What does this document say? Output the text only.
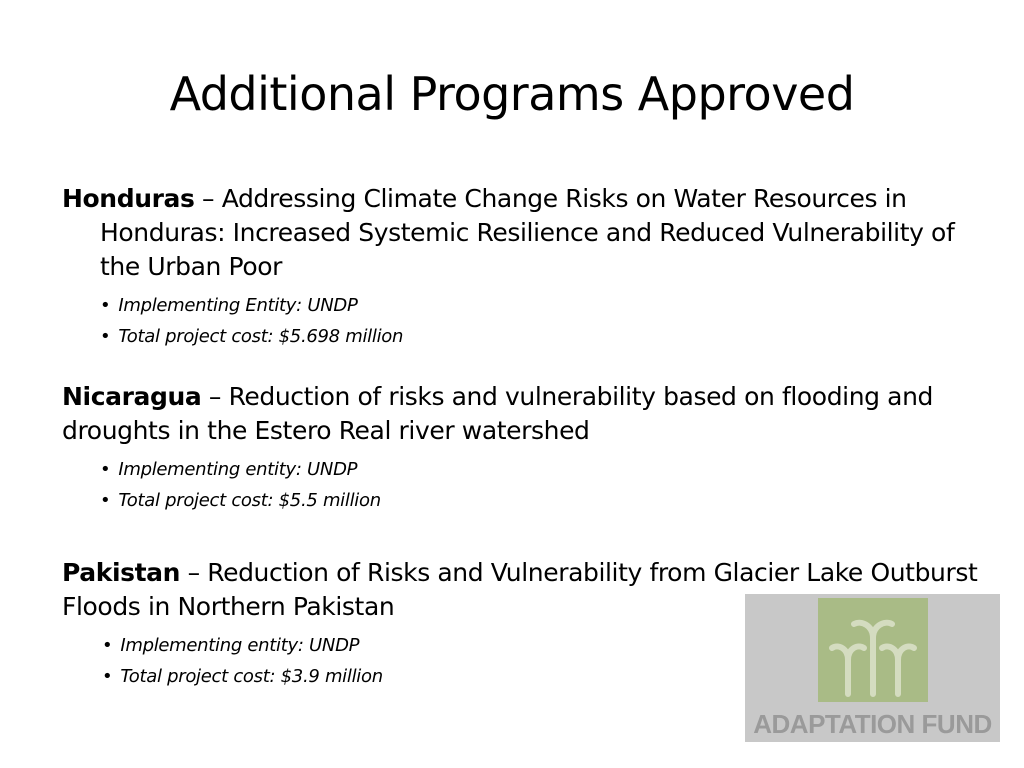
Additional Programs Approved
Honduras – Addressing Climate Change Risks on Water Resources in Honduras: Increased Systemic Resilience and Reduced Vulnerability of the Urban Poor
• Implementing Entity: UNDP
• Total project cost: $5.698 million
Nicaragua – Reduction of risks and vulnerability based on flooding and droughts in the Estero Real river watershed
• Implementing entity: UNDP
• Total project cost: $5.5 million
Pakistan – Reduction of Risks and Vulnerability from Glacier Lake Outburst Floods in Northern Pakistan
• Implementing entity: UNDP
• Total project cost: $3.9 million
ADAPTATION FUND
